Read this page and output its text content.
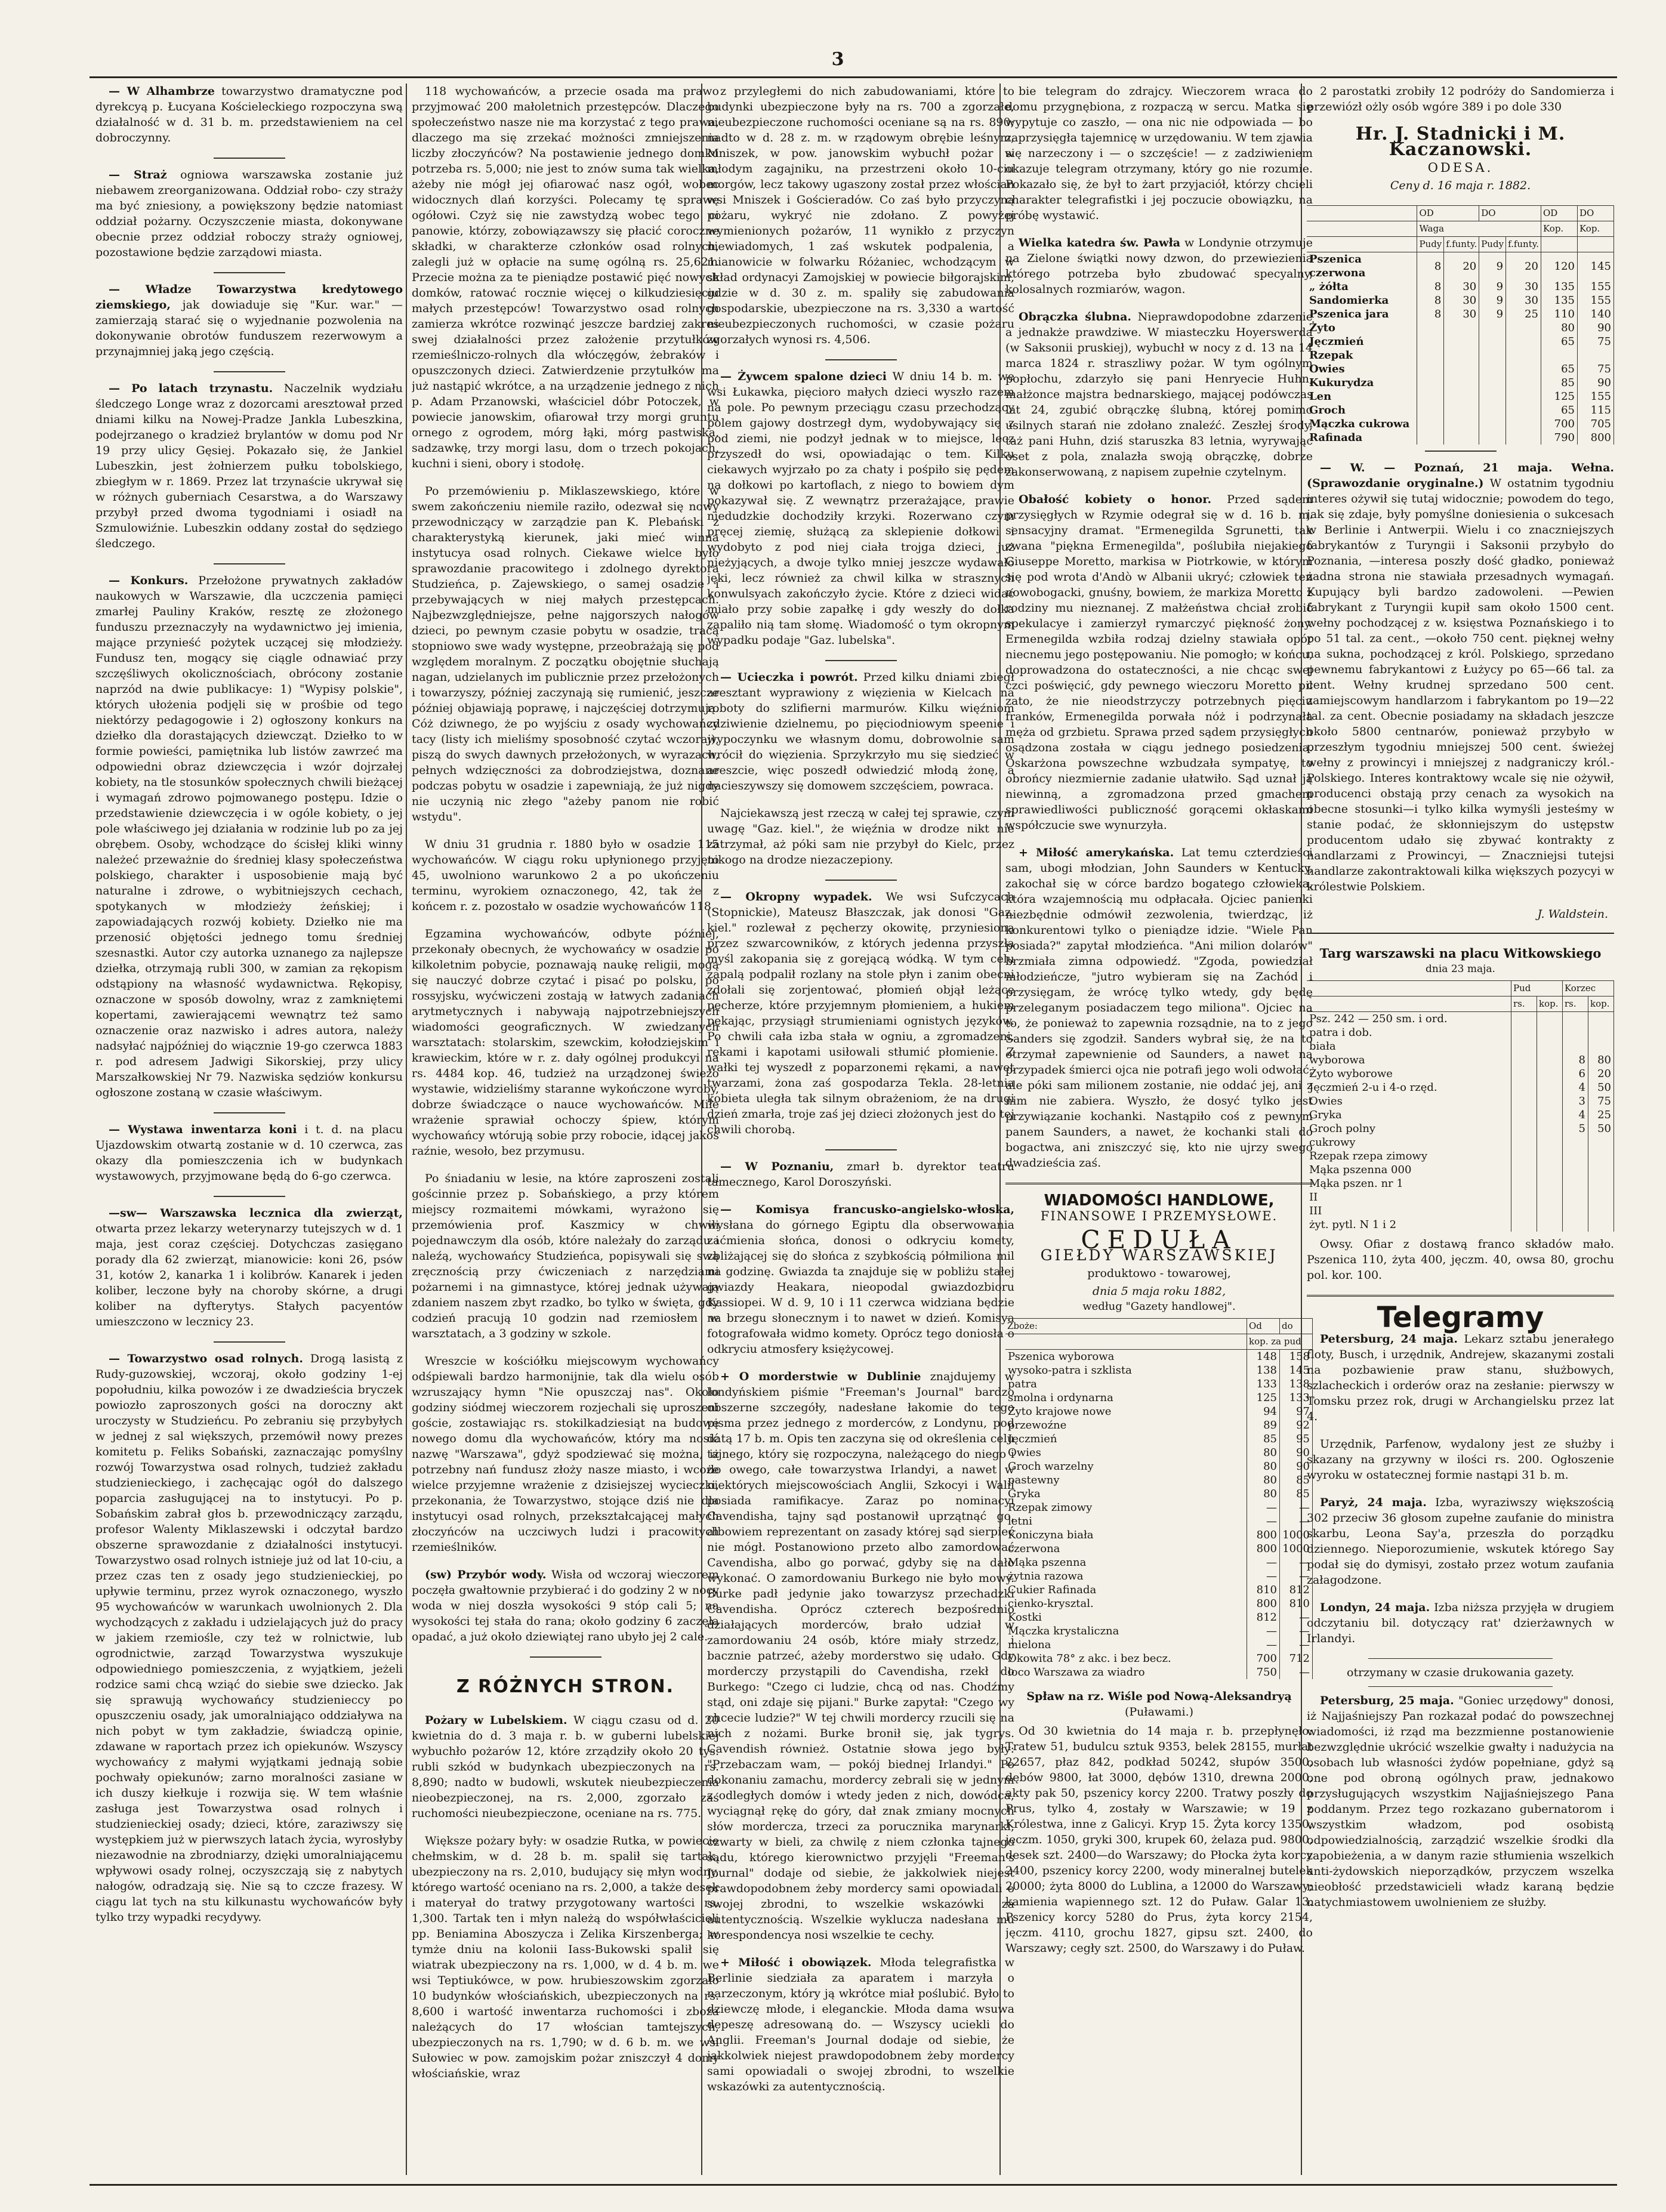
3

— W Alhambrze towarzystwo dramatyczne pod dyrekcyą p. Łucyana Kościeleckiego rozpoczyna swą działalność w d. 31 b. m. przedstawieniem na cel dobroczynny.

— Straż ogniowa warszawska zostanie już niebawem zreorganizowana. Oddział robo- czy straży ma być zniesiony, a powiększony będzie natomiast oddział pożarny. Oczyszczenie miasta, dokonywane obecnie przez oddział roboczy straży ogniowej, pozostawione będzie zarządowi miasta.

— Władze Towarzystwa kredytowego ziemskiego, jak dowiaduje się "Kur. war." — zamierzają starać się o wyjednanie pozwolenia na dokonywanie obrotów funduszem rezerwowym a przynajmniej jaką jego częścią.

— Po latach trzynastu. Naczelnik wydziału śledczego Longe wraz z dozorcami aresztował przed dniami kilku na Nowej-Pradze Jankla Lubeszkina, podejrzanego o kradzież brylantów w domu pod Nr 19 przy ulicy Gęsiej. Pokazało się, że Jankiel Lubeszkin, jest żołnierzem pułku tobolskiego, zbiegłym w r. 1869. Przez lat trzynaście ukrywał się w różnych guberniach Cesarstwa, a do Warszawy przybył przed dwoma tygodniami i osiadł na Szmulowiźnie. Lubeszkin oddany został do sędziego śledczego.

— Konkurs. Przełożone prywatnych zakładów naukowych w Warszawie, dla uczczenia pamięci zmarłej Pauliny Kraków, resztę ze złożonego funduszu przeznaczyły na wydawnictwo jej imienia, mające przynieść pożytek uczącej się młodzieży. Fundusz ten, mogący się ciągle odnawiać przy szczęśliwych okolicznościach, obrócony zostanie naprzód na dwie publikacye: 1) "Wypisy polskie", których ułożenia podjęli się w prośbie od tego niektórzy pedagogowie i 2) ogłoszony konkurs na dziełko dla dorastających dziewcząt. Dziełko to w formie powieści, pamiętnika lub listów zawrzeć ma odpowiedni obraz dziewczęcia i wzór dojrzałej kobiety, na tle stosunków społecznych chwili bieżącej i wymagań zdrowo pojmowanego postępu. Idzie o przedstawienie dziewczęcia i w ogóle kobiety, o jej pole właściwego jej działania w rodzinie lub po za jej obrębem. Osoby, wchodzące do ścisłej kliki winny należeć przeważnie do średniej klasy społeczeństwa polskiego, charakter i usposobienie mają być naturalne i zdrowe, o wybitniejszych cechach, spotykanych w młodzieży żeńskiej; i zapowiadających rozwój kobiety. Dziełko nie ma przenosić objętości jednego tomu średniej szesnastki. Autor czy autorka uznanego za najlepsze dziełka, otrzymają rubli 300, w zamian za rękopism odstąpiony na własność wydawnictwa. Rękopisy, oznaczone w sposób dowolny, wraz z zamkniętemi kopertami, zawierającemi wewnątrz też samo oznaczenie oraz nazwisko i adres autora, należy nadsyłać najpóźniej do wiącznie 19-go czerwca 1883 r. pod adresem Jadwigi Sikorskiej, przy ulicy Marszałkowskiej Nr 79. Nazwiska sędziów konkursu ogłoszone zostaną w czasie właściwym.

— Wystawa inwentarza koni i t. d. na placu Ujazdowskim otwartą zostanie w d. 10 czerwca, zas okazy dla pomieszczenia ich w budynkach wystawowych, przyjmowane będą do 6-go czerwca.

—sw— Warszawska lecznica dla zwierząt, otwarta przez lekarzy weterynarzy tutejszych w d. 1 maja, jest coraz częściej. Dotychczas zasięgano porady dla 62 zwierząt, mianowicie: koni 26, psów 31, kotów 2, kanarka 1 i kolibrów. Kanarek i jeden koliber, leczone były na choroby skórne, a drugi koliber na dyfterytys. Stałych pacyentów umieszczono w lecznicy 23.

— Towarzystwo osad rolnych. Drogą lasistą z Rudy-guzowskiej, wczoraj, około godziny 1-ej popołudniu, kilka powozów i ze dwadzieścia bryczek powiozło zaproszonych gości na doroczny akt uroczysty w Studzieńcu. Po zebraniu się przybyłych w jednej z sal większych, przemówił nowy prezes komitetu p. Feliks Sobański, zaznaczając pomyślny rozwój Towarzystwa osad rolnych, tudzież zakładu studzienieckiego, i zachęcając ogół do dalszego poparcia zasługującej na to instytucyi. Po p. Sobańskim zabrał głos b. przewodniczący zarządu, profesor Walenty Miklaszewski i odczytał bardzo obszerne sprawozdanie z działalności instytucyi. Towarzystwo osad rolnych istnieje już od lat 10-ciu, a przez czas ten z osady jego studzienieckiej, po upływie terminu, przez wyrok oznaczonego, wyszło 95 wychowańców w warunkach uwolnionych 2. Dla wychodzących z zakładu i udzielających już do pracy w jakiem rzemiośle, czy też w rolnictwie, lub ogrodnictwie, zarząd Towarzystwa wyszukuje odpowiedniego pomieszczenia, z wyjątkiem, jeżeli rodzice sami chcą wziąć do siebie swe dziecko. Jak się sprawują wychowańcy studzienieccy po opuszczeniu osady, jak umoralniająco oddziaływa na nich pobyt w tym zakładzie, świadczą opinie, zdawane w raportach przez ich opiekunów. Wszyscy wychowańcy z małymi wyjątkami jednają sobie pochwały opiekunów; zarno moralności zasiane w ich duszy kiełkuje i rozwija się. W tem właśnie zasługa jest Towarzystwa osad rolnych i studzienieckiej osady; dzieci, które, zaraziwszy się występkiem już w pierwszych latach życia, wyrosłyby niezawodnie na zbrodniarzy, dzięki umoralniającemu wpływowi osady rolnej, oczyszczają się z nabytych nałogów, odradzają się. Nie są to czcze frazesy. W ciągu lat tych na stu kilkunastu wychowańców były tylko trzy wypadki recydywy.

118 wychowańców, a przecie osada ma prawo przyjmować 200 małoletnich przestępców. Dlaczego społeczeństwo nasze nie ma korzystać z tego prawa, dlaczego ma się zrzekać możności zmniejszenia liczby złoczyńców? Na postawienie jednego domku potrzeba rs. 5,000; nie jest to znów suma tak wielka, ażeby nie mógł jej ofiarować nasz ogół, wobec widocznych dlań korzyści. Polecamy tę sprawę ogółowi. Czyż się nie zawstydzą wobec tego ci panowie, którzy, zobowiązawszy się płacić coroczne składki, w charakterze członków osad rolnych, zalegli już w opłacie na sumę ogólną rs. 25,621. Przecie można za te pieniądze postawić pięć nowych domków, ratować rocznie więcej o kilkudziesięciu małych przestępców! Towarzystwo osad rolnych zamierza wkrótce rozwinąć jeszcze bardziej zakres swej działalności przez założenie przytułków rzemieślniczo-rolnych dla włóczęgów, żebraków i opuszczonych dzieci. Zatwierdzenie przytułków ma już nastąpić wkrótce, a na urządzenie jednego z nich p. Adam Przanowski, właściciel dóbr Potoczek, w powiecie janowskim, ofiarował trzy morgi gruntu ornego z ogrodem, mórg łąki, mórg pastwiska, sadzawkę, trzy morgi lasu, dom o trzech pokojach, kuchni i sieni, obory i stodołę.

Po przemówieniu p. Miklaszewskiego, które w swem zakończeniu niemile raziło, odezwał się nowy przewodniczący w zarządzie pan K. Plebański z charakterystyką kierunek, jaki mieć winna instytucya osad rolnych. Ciekawe wielce było sprawozdanie pracowitego i zdolnego dyrektora Studzieńca, p. Zajewskiego, o samej osadzie i przebywających w niej małych przestępcach. Najbezwzględniejsze, pełne najgorszych nałogów dzieci, po pewnym czasie pobytu w osadzie, tracą stopniowo swe wady występne, przeobrażają się pod względem moralnym. Z początku obojętnie słuchają nagan, udzielanych im publicznie przez przełożonych i towarzyszy, później zaczynają się rumienić, jeszcze później objawiają poprawę, i najczęściej dotrzymują. Cóż dziwnego, że po wyjściu z osady wychowańcy tacy (listy ich mieliśmy sposobność czytać wczoraj), piszą do swych dawnych przełożonych, w wyrazach, pełnych wdzięczności za dobrodziejstwa, doznane podczas pobytu w osadzie i zapewniają, że już nigdy nie uczynią nic złego "ażeby panom nie robić wstydu".

W dniu 31 grudnia r. 1880 było w osadzie 115 wychowańców. W ciągu roku upłynionego przyjęto 45, uwolniono warunkowo 2 a po ukończeniu terminu, wyrokiem oznaczonego, 42, tak że z końcem r. z. pozostało w osadzie wychowańców 118.

Egzamina wychowańców, odbyte później, przekonały obecnych, że wychowańcy w osadzie po kilkoletnim pobycie, poznawają naukę religii, mogą się nauczyć dobrze czytać i pisać po polsku, po rossyjsku, wyćwiczeni zostają w łatwych zadaniach arytmetycznych i nabywają najpotrzebniejszych wiadomości geograficznych. W zwiedzanych warsztatach: stolarskim, szewckim, kołodziejskim i krawieckim, które w r. z. dały ogólnej produkcyi na rs. 4484 kop. 46, tudzież na urządzonej świeżo wystawie, widzieliśmy staranne wykończone wyroby, dobrze świadczące o nauce wychowańców. Miłe wrażenie sprawiał ochoczy śpiew, którym wychowańcy wtórują sobie przy robocie, idącej jakoś raźnie, wesoło, bez przymusu.

Po śniadaniu w lesie, na które zaproszeni zostali gościnnie przez p. Sobańskiego, a przy którem miejscy rozmaitemi mówkami, wyrażono się przemówienia prof. Kaszmicy w chwili pojednawczym dla osób, które należały do zarządu i naleźą, wychowańcy Studzieńca, popisywali się swą zręcznością przy ćwiczeniach z narzędziami pożarnemi i na gimnastyce, której jednak używają zdaniem naszem zbyt rzadko, bo tylko w święta, gdy codzień pracują 10 godzin nad rzemiosłem w warsztatach, a 3 godziny w szkole.

Wreszcie w kościółku miejscowym wychowańcy odśpiewali bardzo harmonijnie, tak dla wielu osób wzruszający hymn "Nie opuszczaj nas". Około godziny siódmej wieczorem rozjechali się uproszeni goście, zostawiając rs. stokilkadziesiąt na budowę nowego domu dla wychowańców, który ma nosić nazwę "Warszawa", gdyż spodziewać się można, iż potrzebny nań fundusz złoży nasze miasto, i wcoże wielce przyjemne wrażenie z dzisiejszej wycieczki, przekonania, że Towarzystwo, stojące dziś nie dla instytucyi osad rolnych, przekształcającej małych złoczyńców na uczciwych ludzi i pracowitych rzemieślników.

(sw) Przybór wody. Wisła od wczoraj wieczorem poczęła gwałtownie przybierać i do godziny 2 w nocy woda w niej doszła wysokości 9 stóp cali 5; na wysokości tej stała do rana; około godziny 6 zaczęła opadać, a już około dziewiątej rano ubyło jej 2 cale.

Z RÓŻNYCH STRON.

Pożary w Lubelskiem. W ciągu czasu od d. 20 kwietnia do d. 3 maja r. b. w guberni lubelskiej wybuchło pożarów 12, które zrządziły około 20 tys. rubli szkód w budynkach ubezpieczonych na rs. 8,890; nadto w budowli, wskutek nieubezpieczenia nieobezpieczonej, na rs. 2,000, zgorzało zaś ruchomości nieubezpieczone, oceniane na rs. 775.

Większe pożary były: w osadzie Rutka, w powiecie chełmskim, w d. 28 b. m. spalił się tartak, ubezpieczony na rs. 2,010, budujący się młyn wodny, którego wartość oceniano na rs. 2,000, a także desek i materyał do tratwy przygotowany wartości rs. 1,300. Tartak ten i młyn należą do współwłaścicieli pp. Beniamina Aboszycza i Zelika Kirszenberga; w tymże dniu na kolonii Iass-Bukowski spalił się wiatrak ubezpieczony na rs. 1,000, w d. 4 b. m. we wsi Teptiukówce, w pow. hrubieszowskim zgorzało 10 budynków włościańskich, ubezpieczonych na rs. 8,600 i wartość inwentarza ruchomości i zboża należących do 17 włościan tamtejszych, ubezpieczonych na rs. 1,790; w d. 6 b. m. we wsi Sułowiec w pow. zamojskim pożar zniszczył 4 domy włościańskie, wraz

z przyległemi do nich zabudowaniami, które to budynki ubezpieczone były na rs. 700 a zgorzałe, nieubezpieczone ruchomości oceniane są na rs. 890; nadto w d. 28 z. m. w rządowym obrębie leśnym, Mniszek, w pow. janowskim wybuchł pożar w młodym zagajniku, na przestrzeni około 10-ciu morgów, lecz takowy ugaszony został przez włościan wsi Mniszek i Gościeradów. Co zaś było przyczyną pożaru, wykryć nie zdołano. Z powyżej wymienionych pożarów, 11 wynikło z przyczyn niewiadomych, 1 zaś wskutek podpalenia, a mianowicie w folwarku Różaniec, wchodzącym w skład ordynacyi Zamojskiej w powiecie biłgorajskim, gdzie w d. 30 z. m. spaliły się zabudowania gospodarskie, ubezpieczone na rs. 3,330 a wartość nieubezpieczonych ruchomości, w czasie pożaru zgorzałych wynosi rs. 4,506.

— Żywcem spalone dzieci W dniu 14 b. m. we wsi Łukawka, pięcioro małych dzieci wyszło razem na pole. Po pewnym przeciągu czasu przechodzący polem gajowy dostrzegł dym, wydobywający się z pod ziemi, nie podzył jednak w to miejsce, lecz przyszedł do wsi, opowiadając o tem. Kilku ciekawych wyjrzało po za chaty i pośpiło się pędem na dołkowi po kartoflach, z niego to bowiem dym pokazywał się. Z wewnątrz przerażające, prawie niedudzkie dochodziły krzyki. Rozerwano czym pręcej ziemię, służącą za sklepienie dołkowi i wydobyto z pod niej ciała trojga dzieci, już nieżyjących, a dwoje tylko mniej jeszcze wydawało jęki, lecz również za chwil kilka w strasznych konwulsyach zakończyło życie. Które z dzieci widać miało przy sobie zapałkę i gdy weszły do dołka zapaliło nią tam słomę. Wiadomość o tym okropnym wypadku podaje "Gaz. lubelska".

— Ucieczka i powrót. Przed kilku dniami zbiegł aresztant wyprawiony z więzienia w Kielcach na roboty do szlifierni marmurów. Kilku więźniom zdziwienie dzielnemu, po pięciodniowym speenie i wypoczynku we własnym domu, dobrowolnie sam wrócił do więzienia. Sprzykrzyło mu się siedzieć w areszcie, więc poszedł odwiedzić młodą żonę, a nacieszywszy się domowem szczęściem, powraca.

Najciekawszą jest rzeczą w całej tej sprawie, czyni uwagę "Gaz. kiel.", że więźnia w drodze nikt nie zatrzymał, aż póki sam nie przybył do Kielc, przez nikogo na drodze niezaczepiony.

— Okropny wypadek. We wsi Sufczycach (Stopnickie), Mateusz Błaszczak, jak donosi "Gaz. kiel." rozlewał z pęcherzy okowitę, przyniesioną przez szwarcowników, z których jedenna przyszła myśl zakopania się z gorejącą wódką. W tym celu zapalą podpalił rozlany na stole płyn i zanim obecni zdołali się zorjentować, płomień objął leżące pęcherze, które przyjemnym płomieniem, a hukiem pękając, przysiągł strumieniami ognistych języków. Po chwili cała izba stała w ogniu, a zgromadzeni, rękami i kapotami usiłowali stłumić płomienie. Z wałki tej wyszedł z poparzonemi rękami, a nawet twarzami, żona zaś gospodarza Tekla. 28-letnia kobieta uległa tak silnym obrażeniom, że na drugi dzień zmarła, troje zaś jej dzieci złożonych jest do tej chwili chorobą.

— W Poznaniu, zmarł b. dyrektor teatru tamecznego, Karol Doroszyński.

— Komisya francusko-angielsko-włoska, wysłana do górnego Egiptu dla obserwowania zaćmienia słońca, donosi o odkryciu komety, zbliżającej się do słońca z szybkością półmiliona mil na godzinę. Gwiazda ta znajduje się w pobliżu stałej gwiazdy Heakara, nieopodal gwiazdozbioru Kassiopei. W d. 9, 10 i 11 czerwca widziana będzie na brzegu słonecznym i to nawet w dzień. Komisya fotografowała widmo komety. Oprócz tego doniosła o odkryciu atmosfery księżycowej.

+ O morderstwie w Dublinie znajdujemy w londyńskiem piśmie "Freeman's Journal" bardzo obszerne szczegóły, nadesłane łakomie do tego pisma przez jednego z morderców, z Londynu, pod datą 17 b. m. Opis ten zaczyna się od określenia celu tajnego, który się rozpoczyna, należącego do niego i do owego, całe towarzystwa Irlandyi, a nawet w niektórych miejscowościach Anglii, Szkocyi i Walii posiada ramifikacye. Zaraz po nominacyi Cavendisha, tajny sąd postanowił uprzątnąć go, albowiem reprezentant on zasady której sąd sierpieć nie mógł. Postanowiono przeto albo zamordować Cavendisha, albo go porwać, gdyby się na dało wykonać. O zamordowaniu Burkego nie było mowy. Burke padł jedynie jako towarzysz przechadzki Cavendisha. Oprócz czterech bezpośrednio działających morderców, brało udział w zamordowaniu 24 osób, które miały strzedz, i bacznie patrzeć, ażeby morderstwo się udało. Gdy morderczy przystąpili do Cavendisha, rzekł do Burkego: "Czego ci ludzie, chcą od nas. Chodźmy stąd, oni zdaje się pijani." Burke zapytał: "Czego wy chcecie ludzie?" W tej chwili mordercy rzucili się na nich z nożami. Burke bronił się, jak tygrys. Cavendish również. Ostatnie słowa jego były: "Przebaczam wam, — pokój biednej Irlandyi." Po dokonaniu zamachu, mordercy zebrali się w jednym z odległych domów i wtedy jeden z nich, dowódca, wyciągnął rękę do góry, dał znak zmiany mocnych słów mordercza, trzeci za porucznika marynarki, czwarty w bieli, za chwilę z niem członka tajnego sądu, którego kierownictwo przyjęli "Freeman's Journal" dodaje od siebie, że jakkolwiek niejest prawdopodobnem żeby mordercy sami opowiadali o swojej zbrodni, to wszelkie wskazówki za autentycznością. Wszelkie wyklucza nadesłana mu korespondencya nosi wszelkie te cechy.

+ Miłość i obowiązek. Młoda telegrafistka w Berlinie siedziała za aparatem i marzyła o narzeczonym, który ją wkrótce miał poślubić. Było to dziewczę młode, i eleganckie. Młoda dama wsuwa depeszę adresowaną do. — Wszyscy uciekli do Anglii. Freeman's Journal dodaje od siebie, że jakkolwiek niejest prawdopodobnem żeby mordercy sami opowiadali o swojej zbrodni, to wszelkie wskazówki za autentycznością.

bie telegram do zdrajcy. Wieczorem wraca do domu przygnębiona, z rozpaczą w sercu. Matka się wypytuje co zaszło, — ona nic nie odpowiada — bo zaprzysięgła tajemnicę w urzędowaniu. W tem zjawia się narzeczony i — o szczęście! — z zadziwieniem okazuje telegram otrzymany, który go nie rozumie. Pokazało się, że był to żart przyjaciół, którzy chcieli charakter telegrafistki i jej poczucie obowiązku, na próbę wystawić.

Wielka katedra św. Pawła w Londynie otrzymuje na Zielone świątki nowy dzwon, do przewiezienia którego potrzeba było zbudować specyalny, kolosalnych rozmiarów, wagon.

Obrączka ślubna. Nieprawdopodobne zdarzenie a jednakże prawdziwe. W miasteczku Hoyerswerda (w Saksonii pruskiej), wybuchł w nocy z d. 13 na 14 marca 1824 r. straszliwy pożar. W tym ogólnym popłochu, zdarzyło się pani Henryecie Huhn, małżonce majstra bednarskiego, mającej podówczas lat 24, zgubić obrączkę ślubną, której pomimo usilnych starań nie zdołano znaleźć. Zeszłej środy, taż pani Huhn, dziś staruszka 83 letnia, wyrywając oset z pola, znalazła swoją obrączkę, dobrze zakonserwowaną, z napisem zupełnie czytelnym.

Obałość kobiety o honor. Przed sądem przysięgłych w Rzymie odegrał się w d. 16 b. m. sensacyjny dramat. "Ermenegilda Sgrunetti, tak zwana "piękna Ermenegilda", poślubiła niejakiego Giuseppe Moretto, markisa w Piotrkowie, w którym się pod wrota d'Andò w Albanii ukryć; człowiek ten nowobogacki, gnuśny, bowiem, że markiza Moretto z rodziny mu nieznanej. Z małżeństwa chciał zrobić spekulacye i zamierzył rymarczyć piękność żony. Ermenegilda wzbiła rodzaj dzielny stawiała opór niecnemu jego postępowaniu. Nie pomogło; w końcu, doprowadzona do ostateczności, a nie chcąc swej czci poświęcić, gdy pewnego wieczoru Moretto pil zato, że nie nieodstrzyczy potrzebnych pięciu franków, Ermenegilda porwała nóż i podrzynała męża od grzbietu. Sprawa przed sądem przysięgłych osądzona została w ciągu jednego posiedzenia. Oskarżona powszechne wzbudzała sympatyę, to obrońcy niezmiernie zadanie ułatwiło. Sąd uznał ją niewinną, a zgromadzona przed gmachem sprawiedliwości publiczność gorącemi okłaskami współczucie swe wynurzyła.

+ Miłość amerykańska. Lat temu czterdzieści sam, ubogi młodzian, John Saunders w Kentucky, zakochał się w córce bardzo bogatego człowieka, która wzajemnością mu odpłacała. Ojciec panienki niezbędnie odmówił zezwolenia, twierdząc, iż konkurentowi tylko o pieniądze idzie. "Wiele Pan posiada?" zapytał młodzieńca. "Ani milion dolarów" brzmiała zimna odpowiedź. "Zgoda, powiedział młodzieńcze, "jutro wybieram się na Zachód i przysięgam, że wrócę tylko wtedy, gdy będę przeleganym posiadaczem tego miliona". Ojciec na to, że ponieważ to zapewnia rozsądnie, na to z jego Sanders się zgodził. Sanders wybrał się, że na to otrzymał zapewnienie od Saunders, a nawet na przypadek śmierci ojca nie potrafi jego woli odwołać, ale póki sam milionem zostanie, nie oddać jej, ani z nim nie zabiera. Wyszło, że dosyć tylko jest przywiązanie kochanki. Nastąpiło coś z pewnym panem Saunders, a nawet, że kochanki stali do bogactwa, ani zniszczyć się, kto nie ujrzy swego dwadzieścia zaś.

WIADOMOŚCI HANDLOWE,
FINANSOWE I PRZEMYSŁOWE.
CEDUŁA
GIEŁDY WARSZAWSKIEJ
produktowo - towarowej,
dnia 5 maja roku 1882,
według "Gazety handlowej".
Zboże:	Od	do
	kop. za pud	
Pszenica wyborowa	148	158
wysoko-patra i szklista	138	145
patra	133	138
smolna i ordynarna	125	133
Żyto krajowe nowe	94	97
przewoźne	89	92
Jęczmień	85	95
Owies	80	90
Groch warzelny	80	90
pastewny	80	85
Gryka	80	85
Rzepak zimowy	—	—
letni	—	—
Koniczyna biała	800	1000
czerwona	800	1000
Mąka pszenna	—	—
żytnia razowa	—	—
Cukier Rafinada	810	812
cienko-krysztal.	800	810
Kostki	812	—
Mączka krystaliczna	—	—
mielona	—	—
Okowita 78° z akc. i bez becz.	700	712
loco Warszawa za wiadro	750	—
Spław na rz. Wiśle pod Nową-Aleksandryą
(Puławami.)

Od 30 kwietnia do 14 maja r. b. przepłynęło: Tratew 51, budulcu sztuk 9353, belek 28155, murłat 22657, płaz 842, podkład 50242, słupów 3500, dębów 9800, łat 3000, dębów 1310, drewna 2000, akty pak 50, pszenicy korcy 2200. Tratwy poszły do Prus, tylko 4, zostały w Warszawie; w 19 z Królestwa, inne z Galicyi. Kryp 15. Żyta korcy 1350, jęczm. 1050, gryki 300, krupek 60, żelaza pud. 9800, desek szt. 2400—do Warszawy; do Płocka żyta korcy 2400, pszenicy korcy 2200, wody mineralnej butelek 20000; żyta 8000 do Lublina, a 12000 do Warszawy; kamienia wapiennego szt. 12 do Puław. Galar 13. Pszenicy korcy 5280 do Prus, żyta korcy 2154, jęczm. 4110, grochu 1827, gipsu szt. 2400, do Warszawy; cegły szt. 2500, do Warszawy i do Puław.

2 parostatki zrobiły 12 podróży do Sandomierza i przewiózł ożly osób wgóre 389 i po dole 330

Hr. J. Stadnicki i M. Kaczanowski.
ODESA.
Ceny d. 16 maja r. 1882.
	OD		DO		OD	DO
	Waga				Kop.	Kop.
	Pudy	f.funty.	Pudy	f.funty.		
Pszenica czerwona	8	20	9	20	120	145
„ żółta	8	30	9	30	135	155
Sandomierka	8	30	9	30	135	155
Pszenica jara	8	30	9	25	110	140
Żyto					80	90
Jęczmień					65	75
Rzepak						
Owies					65	75
Kukurydza					85	90
Len					125	155
Groch					65	115
Mączka cukrowa					700	705
Rafinada					790	800

— W. — Poznań, 21 maja. Wełna. (Sprawozdanie oryginalne.) W ostatnim tygodniu interes ożywił się tutaj widocznie; powodem do tego, jak się zdaje, były pomyślne doniesienia o sukcesach w Berlinie i Antwerpii. Wielu i co znaczniejszych fabrykantów z Turyngii i Saksonii przybyło do Poznania, —interesa poszły dość gładko, ponieważ żadna strona nie stawiała przesadnych wymagań. Kupujący byli bardzo zadowoleni. —Pewien fabrykant z Turyngii kupił sam około 1500 cent. wełny pochodzącej z w. księstwa Poznańskiego i to po 51 tal. za cent., —około 750 cent. pięknej wełny na sukna, pochodzącej z król. Polskiego, sprzedano pewnemu fabrykantowi z Łużycy po 65—66 tal. za cent. Wełny krudnej sprzedano 500 cent. zamiejscowym handlarzom i fabrykantom po 19—22 tal. za cent. Obecnie posiadamy na składach jeszcze około 5800 centnarów, ponieważ przybyło w przeszłym tygodniu mniejszej 500 cent. świeżej wełny z prowincyi i mniejszej z nadgraniczy król.-Polskiego. Interes kontraktowy wcale się nie ożywił, producenci obstają przy cenach za wysokich na obecne stosunki—i tylko kilka wymyśli jesteśmy w stanie podać, że skłonniejszym do ustępstw producentom udało się zbywać kontrakty z handlarzami z Prowincyi, — Znaczniejsi tutejsi handlarze zakontraktowali kilka większych pozycyi w królestwie Polskiem.

J. Waldstein.
Targ warszawski na placu Witkowskiego
dnia 23 maja.
	Pud		Korzec	
	rs.	kop.	rs.	kop.
Psz. 242 — 250 sm. i ord.				
patra i dob.				
biała				
wyborowa			8	80
Żyto wyborowe			6	20
Jęczmień 2-u i 4-o rzęd.			4	50
Owies			3	75
Gryka			4	25
Groch polny			5	50
cukrowy				
Rzepak rzepa zimowy				
Mąka pszenna 000				
Mąka pszen. nr 1				
II				
III				
żyt. pytl. N 1 i 2				

Owsy. Ofiar z dostawą franco składów mało. Pszenica 110, żyta 400, jęczm. 40, owsa 80, grochu pol. kor. 100.

Telegramy

Petersburg, 24 maja. Lekarz sztabu jenerałego floty, Busch, i urzędnik, Andrejew, skazanymi zostali na pozbawienie praw stanu, służbowych, szlacheckich i orderów oraz na zesłanie: pierwszy w Tomsku przez rok, drugi w Archangielsku przez lat 4.

Urzędnik, Parfenow, wydalony jest ze służby i skazany na grzywny w ilości rs. 200. Ogłoszenie wyroku w ostatecznej formie nastąpi 31 b. m.

Paryż, 24 maja. Izba, wyraziwszy większością 302 przeciw 36 głosom zupełne zaufanie do ministra skarbu, Leona Say'a, przeszła do porządku dziennego. Nieporozumienie, wskutek którego Say podał się do dymisyi, zostało przez wotum zaufania załagodzone.

Londyn, 24 maja. Izba niższa przyjęła w drugiem odczytaniu bil. dotyczący rat' dzierżawnych w Irlandyi.

otrzymany w czasie drukowania gazety.

Petersburg, 25 maja. "Goniec urzędowy" donosi, iż Najjaśniejszy Pan rozkazał podać do powszechnej wiadomości, iż rząd ma bezzmienne postanowienie bezwzględnie ukrócić wszelkie gwałty i nadużycia na osobach lub własności żydów popełniane, gdyż są one pod obroną ogólnych praw, jednakowo przysługujących wszystkim Najjaśniejszego Pana poddanym. Przez tego rozkazano gubernatorom i wszystkim władzom, pod osobistą odpowiedzialnością, zarządzić wszelkie środki dla zapobieżenia, a w danym razie stłumienia wszelkich anti-żydowskich nieporządków, przyczem wszelka nieobłość przedstawicieli władz karaną będzie natychmiastowem uwolnieniem ze służby.
